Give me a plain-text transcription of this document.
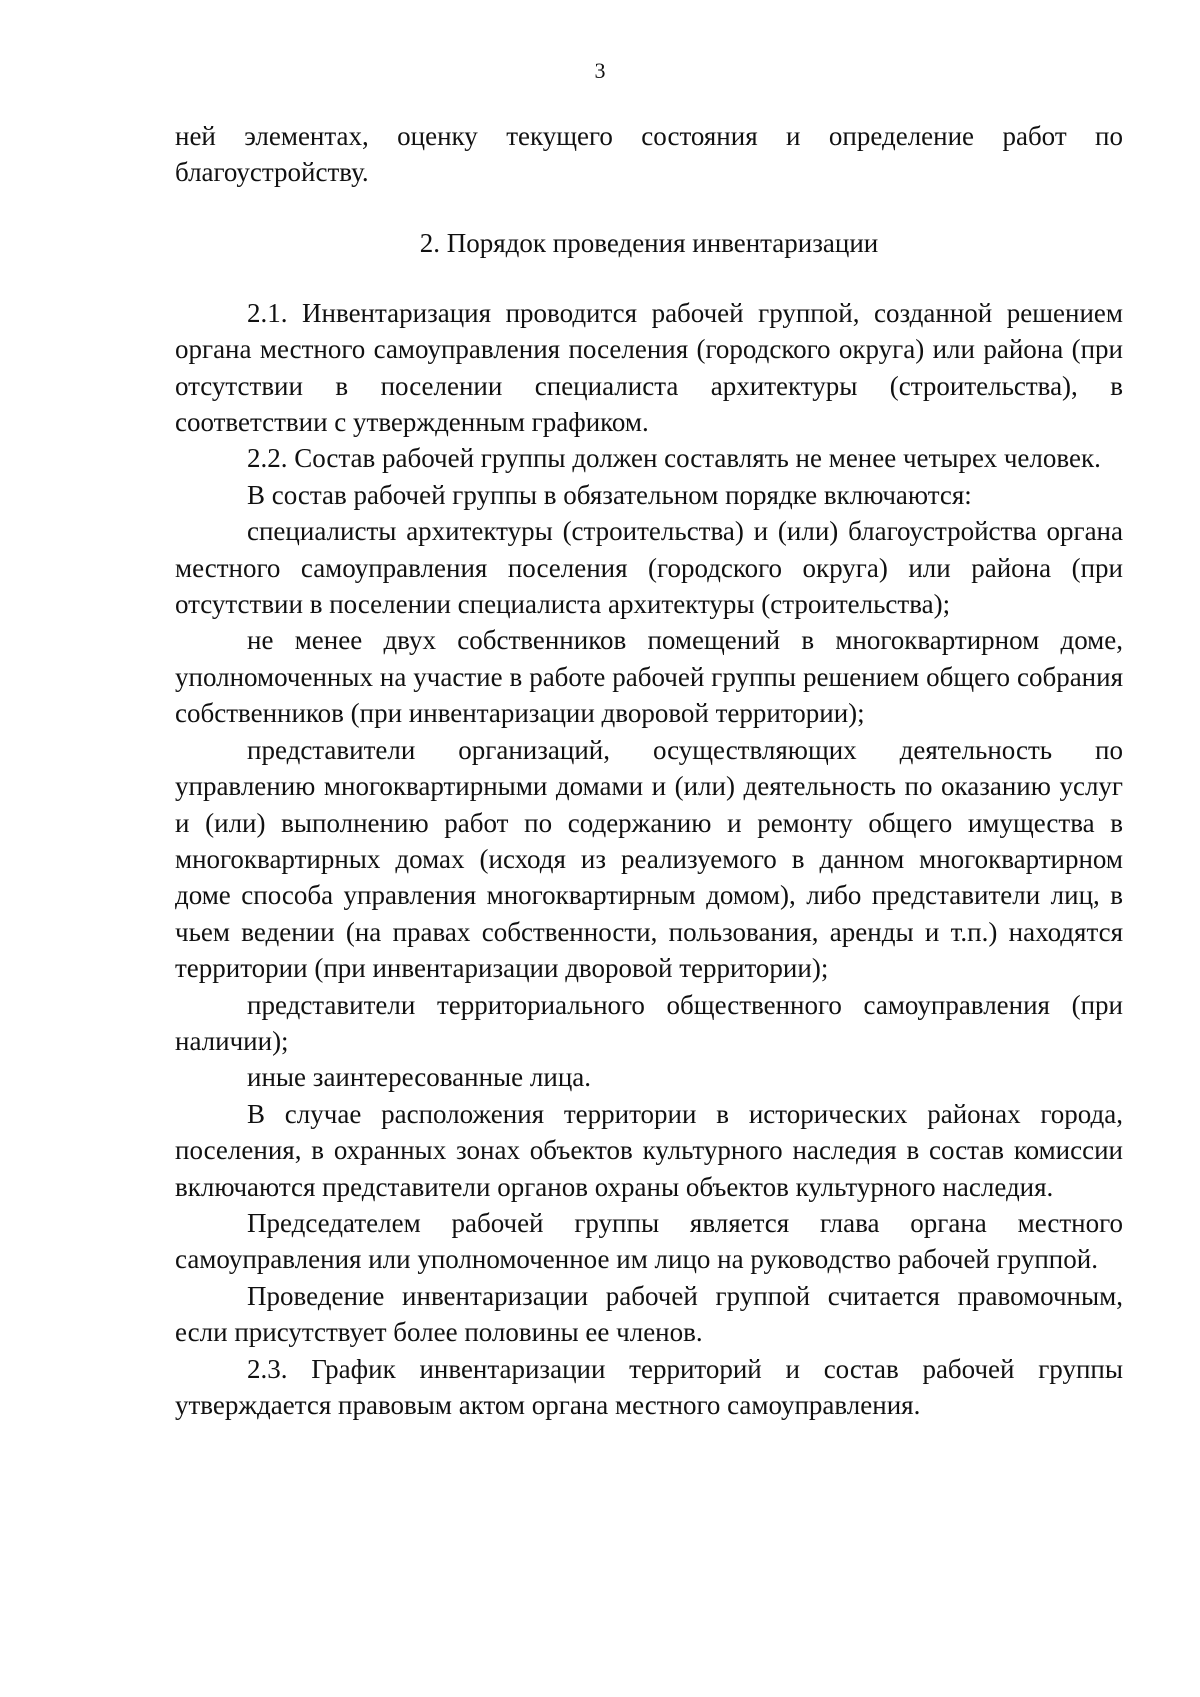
3

ней элементах, оценку текущего состояния и определение работ по благоустройству.

2. Порядок проведения инвентаризации

2.1. Инвентаризация проводится рабочей группой, созданной решением органа местного самоуправления поселения (городского округа) или района (при отсутствии в поселении специалиста архитектуры (строительства), в соответствии с утвержденным графиком.

2.2. Состав рабочей группы должен составлять не менее четырех человек.

В состав рабочей группы в обязательном порядке включаются:

специалисты архитектуры (строительства) и (или) благоустройства органа местного самоуправления поселения (городского округа) или района (при отсутствии в поселении специалиста архитектуры (строительства);

не менее двух собственников помещений в многоквартирном доме, уполномоченных на участие в работе рабочей группы решением общего собрания собственников (при инвентаризации дворовой территории);

представители организаций, осуществляющих деятельность по управлению многоквартирными домами и (или) деятельность по оказанию услуг и (или) выполнению работ по содержанию и ремонту общего имущества в многоквартирных домах (исходя из реализуемого в данном многоквартирном доме способа управления многоквартирным домом), либо представители лиц, в чьем ведении (на правах собственности, пользования, аренды и т.п.) находятся территории (при инвентаризации дворовой территории);

представители территориального общественного самоуправления (при наличии);

иные заинтересованные лица.

В случае расположения территории в исторических районах города, поселения, в охранных зонах объектов культурного наследия в состав комиссии включаются представители органов охраны объектов культурного наследия.

Председателем рабочей группы является глава органа местного самоуправления или уполномоченное им лицо на руководство рабочей группой.

Проведение инвентаризации рабочей группой считается правомочным, если присутствует более половины ее членов.

2.3. График инвентаризации территорий и состав рабочей группы утверждается правовым актом органа местного самоуправления.
